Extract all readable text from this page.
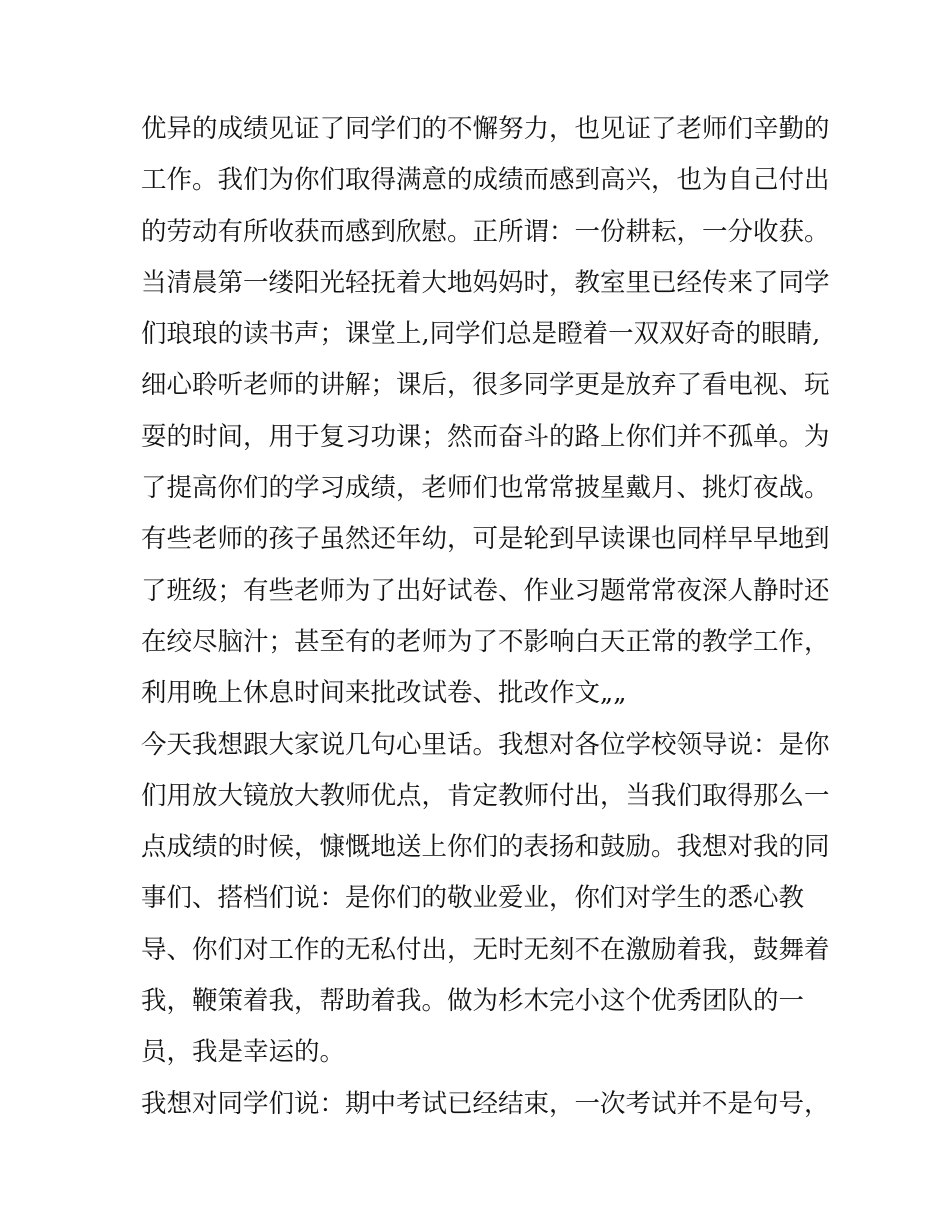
优异的成绩见证了同学们的不懈努力，也见证了老师们辛勤的
工作。我们为你们取得满意的成绩而感到高兴，也为自己付出
的劳动有所收获而感到欣慰。正所谓：一份耕耘，一分收获。
当清晨第一缕阳光轻抚着大地妈妈时，教室里已经传来了同学
们琅琅的读书声；课堂上,同学们总是瞪着一双双好奇的眼睛,
细心聆听老师的讲解；课后，很多同学更是放弃了看电视、玩
耍的时间，用于复习功课；然而奋斗的路上你们并不孤单。为
了提高你们的学习成绩，老师们也常常披星戴月、挑灯夜战。
有些老师的孩子虽然还年幼，可是轮到早读课也同样早早地到
了班级；有些老师为了出好试卷、作业习题常常夜深人静时还
在绞尽脑汁；甚至有的老师为了不影响白天正常的教学工作，
利用晚上休息时间来批改试卷、批改作文„„
今天我想跟大家说几句心里话。我想对各位学校领导说：是你
们用放大镜放大教师优点，肯定教师付出，当我们取得那么一
点成绩的时候，慷慨地送上你们的表扬和鼓励。我想对我的同
事们、搭档们说：是你们的敬业爱业，你们对学生的悉心教
导、你们对工作的无私付出，无时无刻不在激励着我，鼓舞着
我，鞭策着我，帮助着我。做为杉木完小这个优秀团队的一
员，我是幸运的。
我想对同学们说：期中考试已经结束，一次考试并不是句号，
